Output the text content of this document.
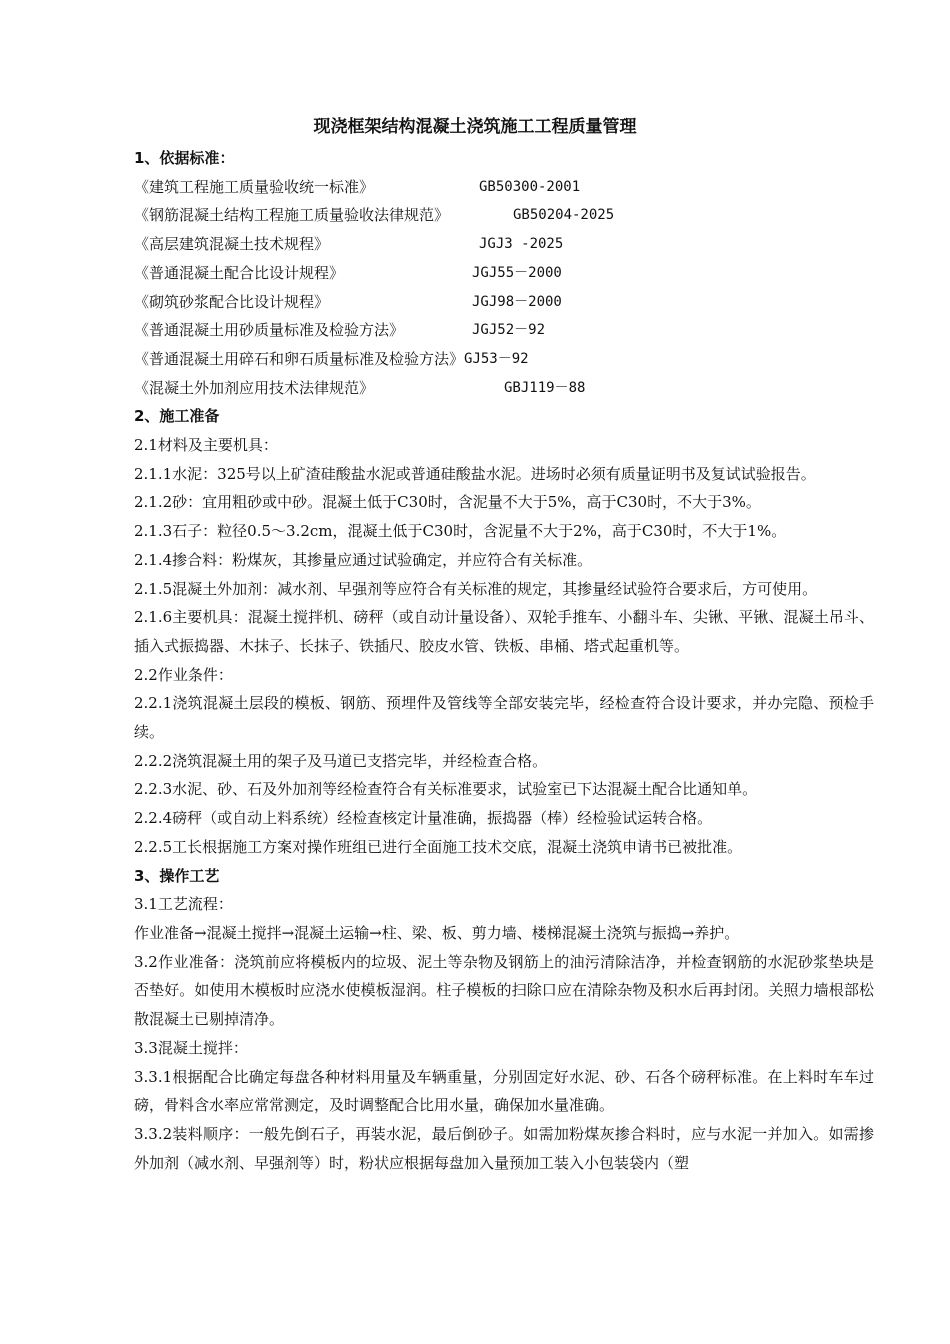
现浇框架结构混凝土浇筑施工工程质量管理
1、依据标准：
《建筑工程施工质量验收统一标准》	GB50300-2001
《钢筋混凝土结构工程施工质量验收法律规范》	GB50204-2025
《高层建筑混凝土技术规程》	JGJ3 -2025
《普通混凝土配合比设计规程》	JGJ55－2000
《砌筑砂浆配合比设计规程》	JGJ98－2000
《普通混凝土用砂质量标准及检验方法》	JGJ52－92
《普通混凝土用碎石和卵石质量标准及检验方法》 GJ53－92
《混凝土外加剂应用技术法律规范》	GBJ119－88
2、施工准备
2.1材料及主要机具：
2.1.1水泥：325号以上矿渣硅酸盐水泥或普通硅酸盐水泥。进场时必须有质量证明书及复试试验报告。
2.1.2砂：宜用粗砂或中砂。混凝土低于C30时，含泥量不大于5%，高于C30时，不大于3%。
2.1.3石子：粒径0.5～3.2cm，混凝土低于C30时，含泥量不大于2%，高于C30时，不大于1%。
2.1.4掺合料：粉煤灰，其掺量应通过试验确定，并应符合有关标准。
2.1.5混凝土外加剂：减水剂、早强剂等应符合有关标准的规定，其掺量经试验符合要求后，方可使用。
2.1.6主要机具：混凝土搅拌机、磅秤（或自动计量设备）、双轮手推车、小翻斗车、尖锹、平锹、混凝土吊斗、插入式振捣器、木抹子、长抹子、铁插尺、胶皮水管、铁板、串桶、塔式起重机等。
2.2作业条件：
2.2.1浇筑混凝土层段的模板、钢筋、预埋件及管线等全部安装完毕，经检查符合设计要求，并办完隐、预检手续。
2.2.2浇筑混凝土用的架子及马道已支搭完毕，并经检查合格。
2.2.3水泥、砂、石及外加剂等经检查符合有关标准要求，试验室已下达混凝土配合比通知单。
2.2.4磅秤（或自动上料系统）经检查核定计量准确，振捣器（棒）经检验试运转合格。
2.2.5工长根据施工方案对操作班组已进行全面施工技术交底，混凝土浇筑申请书已被批准。
3、操作工艺
3.1工艺流程：
作业准备→混凝土搅拌→混凝土运输→柱、梁、板、剪力墙、楼梯混凝土浇筑与振捣→养护。
3.2作业准备：浇筑前应将模板内的垃圾、泥土等杂物及钢筋上的油污清除洁净，并检查钢筋的水泥砂浆垫块是否垫好。如使用木模板时应浇水使模板湿润。柱子模板的扫除口应在清除杂物及积水后再封闭。关照力墙根部松散混凝土已剔掉清净。
3.3混凝土搅拌：
3.3.1根据配合比确定每盘各种材料用量及车辆重量，分别固定好水泥、砂、石各个磅秤标准。在上料时车车过磅，骨料含水率应常常测定，及时调整配合比用水量，确保加水量准确。
3.3.2装料顺序：一般先倒石子，再装水泥，最后倒砂子。如需加粉煤灰掺合料时，应与水泥一并加入。如需掺外加剂（减水剂、早强剂等）时，粉状应根据每盘加入量预加工装入小包装袋内（塑
